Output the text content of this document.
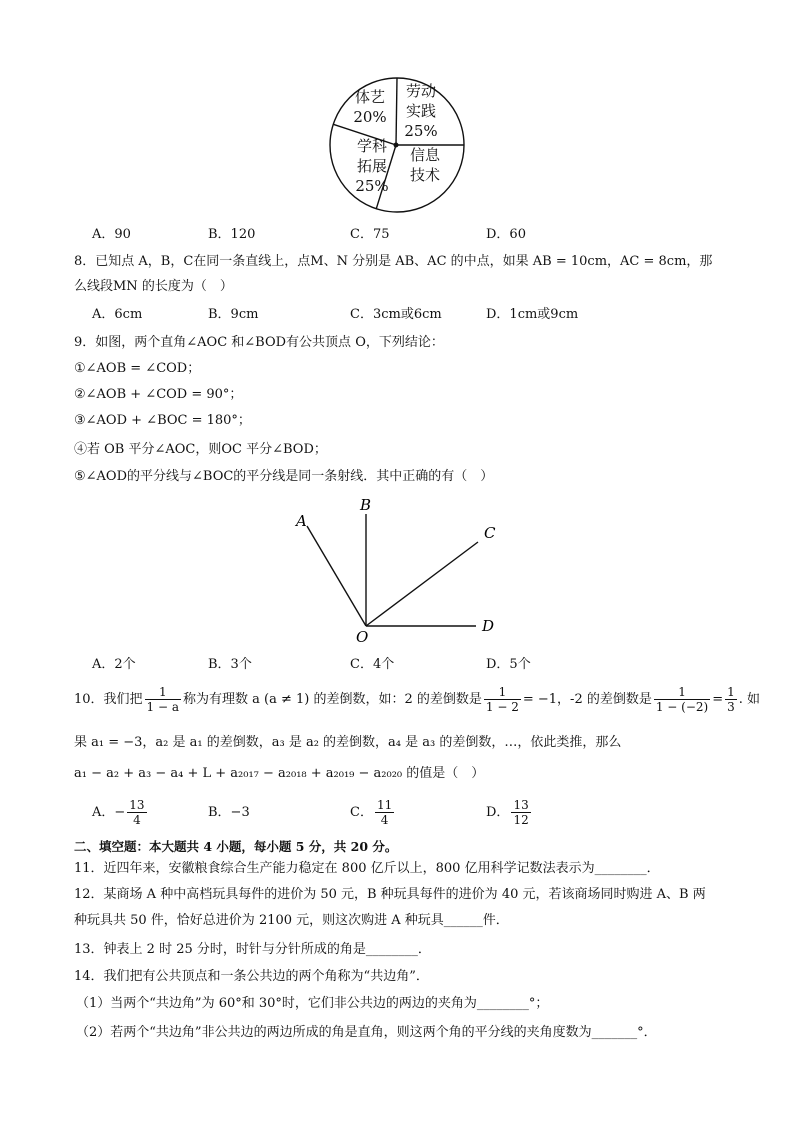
体艺
20%
劳动
实践
25%
信息
技术
学科
拓展
25%
A．90	B．120	C．75	D．60
8．已知点 A，B，C在同一条直线上，点M、N 分别是 AB、AC 的中点，如果 AB = 10cm，AC = 8cm，那
么线段MN 的长度为（　）
A．6cm	B．9cm	C．3cm或6cm	D．1cm或9cm
9．如图，两个直角∠AOC 和∠BOD有公共顶点 O，下列结论：
①∠AOB = ∠COD；
②∠AOB + ∠COD = 90°；
③∠AOD + ∠BOC = 180°；
④若 OB 平分∠AOC，则OC 平分∠BOD；
⑤∠AOD的平分线与∠BOC的平分线是同一条射线．其中正确的有（　）
A
B
C
D
O
A．2个	B．3个	C．4个	D．5个
10．我们把 $\frac{1}{1 - a}$ 称为有理数 a (a ≠ 1) 的差倒数，如：2 的差倒数是 $\frac{1}{1 - 2} = -1$，-2 的差倒数是 $\frac{1}{1 - (-2)} = \frac{1}{3}$ . 如
果 a₁ = −3，a₂ 是 a₁ 的差倒数，a₃ 是 a₂ 的差倒数，a₄ 是 a₃ 的差倒数，…，依此类推，那么
a₁ − a₂ + a₃ − a₄ + L + a₂₀₁₇ − a₂₀₁₈ + a₂₀₁₉ − a₂₀₂₀ 的值是（　）
A．− $\frac{13}{4}$	B．−3	C． $\frac{11}{4}$	D． $\frac{13}{12}$
二、填空题：本大题共 4 小题，每小题 5 分，共 20 分。
11．近四年来，安徽粮食综合生产能力稳定在 800 亿斤以上，800 亿用科学记数法表示为________．
12．某商场 A 种中高档玩具每件的进价为 50 元，B 种玩具每件的进价为 40 元，若该商场同时购进 A、B 两
种玩具共 50 件，恰好总进价为 2100 元，则这次购进 A 种玩具______件．
13．钟表上 2 时 25 分时，时针与分针所成的角是________．
14．我们把有公共顶点和一条公共边的两个角称为“共边角”．
（1）当两个“共边角”为 60°和 30°时，它们非公共边的两边的夹角为________°；
（2）若两个“共边角”非公共边的两边所成的角是直角，则这两个角的平分线的夹角度数为_______°．
